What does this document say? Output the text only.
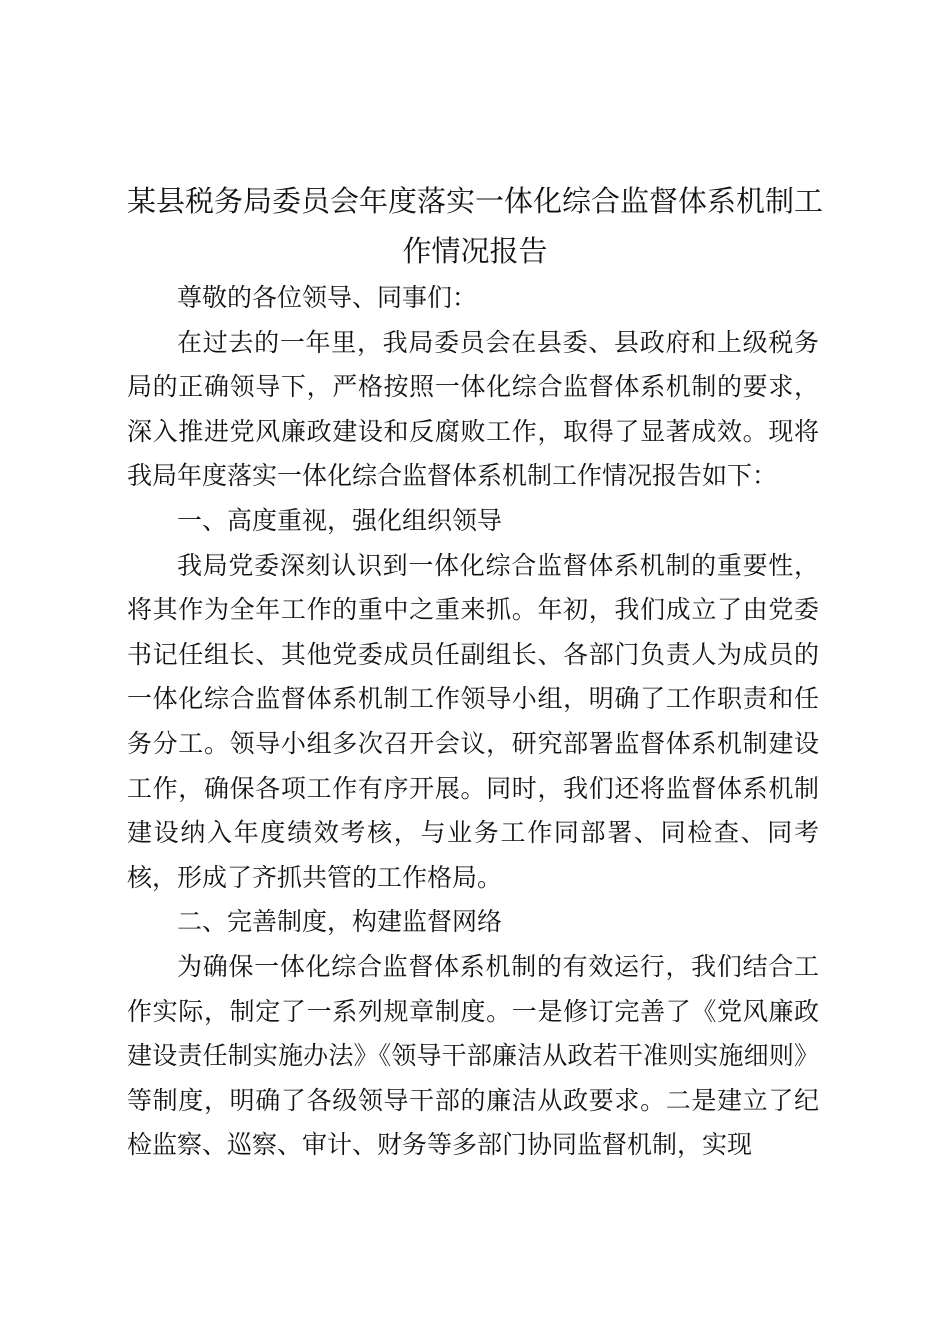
某县税务局委员会年度落实一体化综合监督体系机制工作情况报告

尊敬的各位领导、同事们：

在过去的一年里，我局委员会在县委、县政府和上级税务局的正确领导下，严格按照一体化综合监督体系机制的要求，深入推进党风廉政建设和反腐败工作，取得了显著成效。现将我局年度落实一体化综合监督体系机制工作情况报告如下：

一、高度重视，强化组织领导

我局党委深刻认识到一体化综合监督体系机制的重要性，将其作为全年工作的重中之重来抓。年初，我们成立了由党委书记任组长、其他党委成员任副组长、各部门负责人为成员的一体化综合监督体系机制工作领导小组，明确了工作职责和任务分工。领导小组多次召开会议，研究部署监督体系机制建设工作，确保各项工作有序开展。同时，我们还将监督体系机制建设纳入年度绩效考核，与业务工作同部署、同检查、同考核，形成了齐抓共管的工作格局。

二、完善制度，构建监督网络

为确保一体化综合监督体系机制的有效运行，我们结合工作实际，制定了一系列规章制度。一是修订完善了《党风廉政建设责任制实施办法》《领导干部廉洁从政若干准则实施细则》等制度，明确了各级领导干部的廉洁从政要求。二是建立了纪检监察、巡察、审计、财务等多部门协同监督机制，实现
